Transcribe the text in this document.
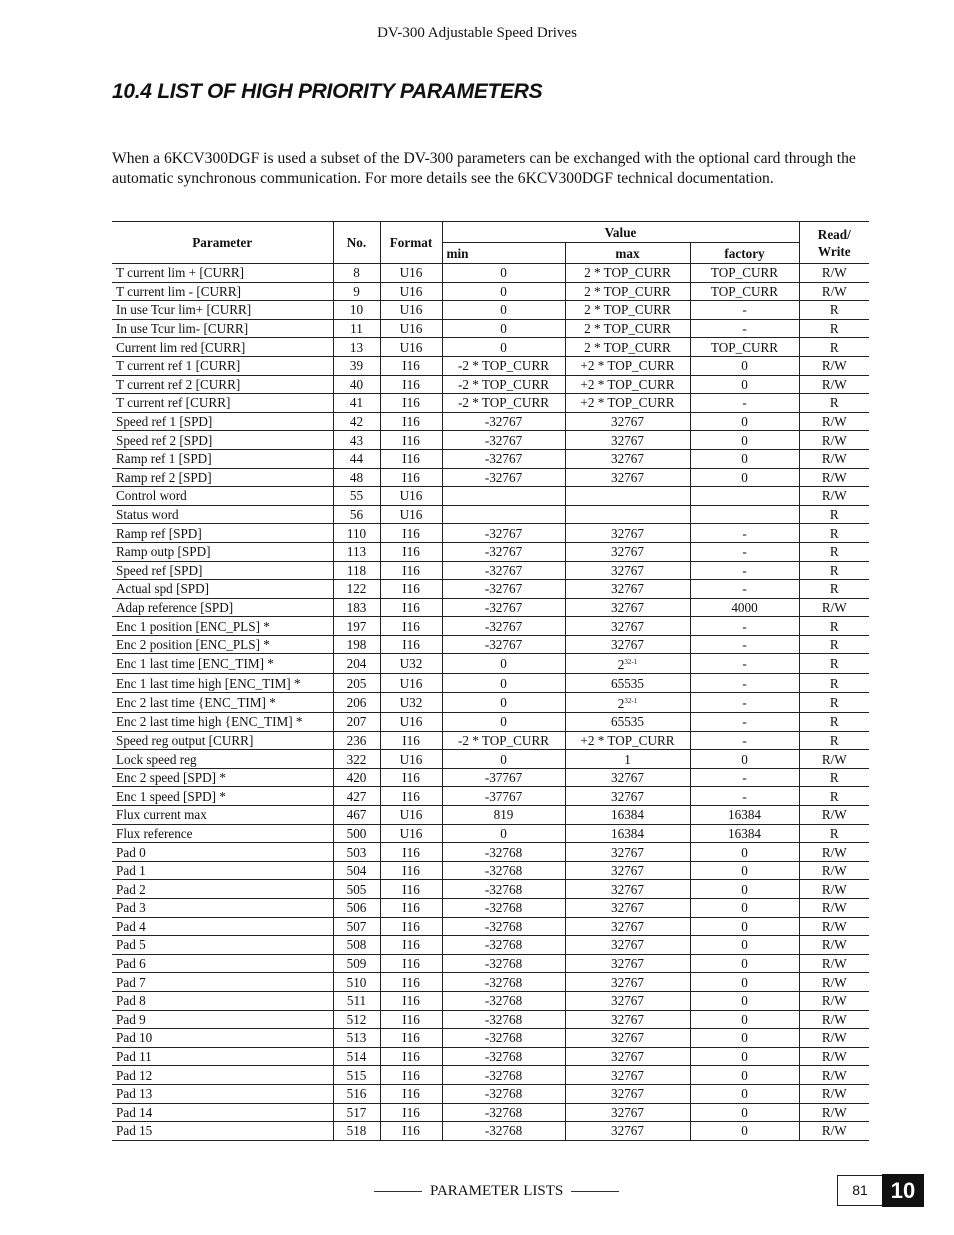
DV-300 Adjustable Speed Drives
10.4 LIST OF HIGH PRIORITY PARAMETERS

When a 6KCV300DGF is used a subset of the DV-300 parameters can be exchanged with the optional card through the automatic synchronous communication. For more details see the 6KCV300DGF technical documentation.

Parameter	No.	Format	Value			Read/
Write
			min	max	factory	
T current lim + [CURR]	8	U16	0	2 * TOP_CURR	TOP_CURR	R/W
T current lim - [CURR]	9	U16	0	2 * TOP_CURR	TOP_CURR	R/W
In use Tcur lim+ [CURR]	10	U16	0	2 * TOP_CURR	-	R
In use Tcur lim- [CURR]	11	U16	0	2 * TOP_CURR	-	R
Current lim red [CURR]	13	U16	0	2 * TOP_CURR	TOP_CURR	R
T current ref 1 [CURR]	39	I16	-2 * TOP_CURR	+2 * TOP_CURR	0	R/W
T current ref 2 [CURR]	40	I16	-2 * TOP_CURR	+2 * TOP_CURR	0	R/W
T current ref [CURR]	41	I16	-2 * TOP_CURR	+2 * TOP_CURR	-	R
Speed ref 1 [SPD]	42	I16	-32767	32767	0	R/W
Speed ref 2 [SPD]	43	I16	-32767	32767	0	R/W
Ramp ref 1 [SPD]	44	I16	-32767	32767	0	R/W
Ramp ref 2 [SPD]	48	I16	-32767	32767	0	R/W
Control word	55	U16				R/W
Status word	56	U16				R
Ramp ref [SPD]	110	I16	-32767	32767	-	R
Ramp outp [SPD]	113	I16	-32767	32767	-	R
Speed ref [SPD]	118	I16	-32767	32767	-	R
Actual spd [SPD]	122	I16	-32767	32767	-	R
Adap reference [SPD]	183	I16	-32767	32767	4000	R/W
Enc 1 position [ENC_PLS] *	197	I16	-32767	32767	-	R
Enc 2 position [ENC_PLS] *	198	I16	-32767	32767	-	R
Enc 1 last time [ENC_TIM] *	204	U32	0	2$^{32-1}$	-	R
Enc 1 last time high [ENC_TIM] *	205	U16	0	65535	-	R
Enc 2 last time {ENC_TIM] *	206	U32	0	2$^{32-1}$	-	R
Enc 2 last time high {ENC_TIM] *	207	U16	0	65535	-	R
Speed reg output [CURR]	236	I16	-2 * TOP_CURR	+2 * TOP_CURR	-	R
Lock speed reg	322	U16	0	1	0	R/W
Enc 2 speed [SPD] *	420	I16	-37767	32767	-	R
Enc 1 speed [SPD] *	427	I16	-37767	32767	-	R
Flux current max	467	U16	819	16384	16384	R/W
Flux reference	500	U16	0	16384	16384	R
Pad 0	503	I16	-32768	32767	0	R/W
Pad 1	504	I16	-32768	32767	0	R/W
Pad 2	505	I16	-32768	32767	0	R/W
Pad 3	506	I16	-32768	32767	0	R/W
Pad 4	507	I16	-32768	32767	0	R/W
Pad 5	508	I16	-32768	32767	0	R/W
Pad 6	509	I16	-32768	32767	0	R/W
Pad 7	510	I16	-32768	32767	0	R/W
Pad 8	511	I16	-32768	32767	0	R/W
Pad 9	512	I16	-32768	32767	0	R/W
Pad 10	513	I16	-32768	32767	0	R/W
Pad 11	514	I16	-32768	32767	0	R/W
Pad 12	515	I16	-32768	32767	0	R/W
Pad 13	516	I16	-32768	32767	0	R/W
Pad 14	517	I16	-32768	32767	0	R/W
Pad 15	518	I16	-32768	32767	0	R/W
PARAMETER LISTS	81	10
